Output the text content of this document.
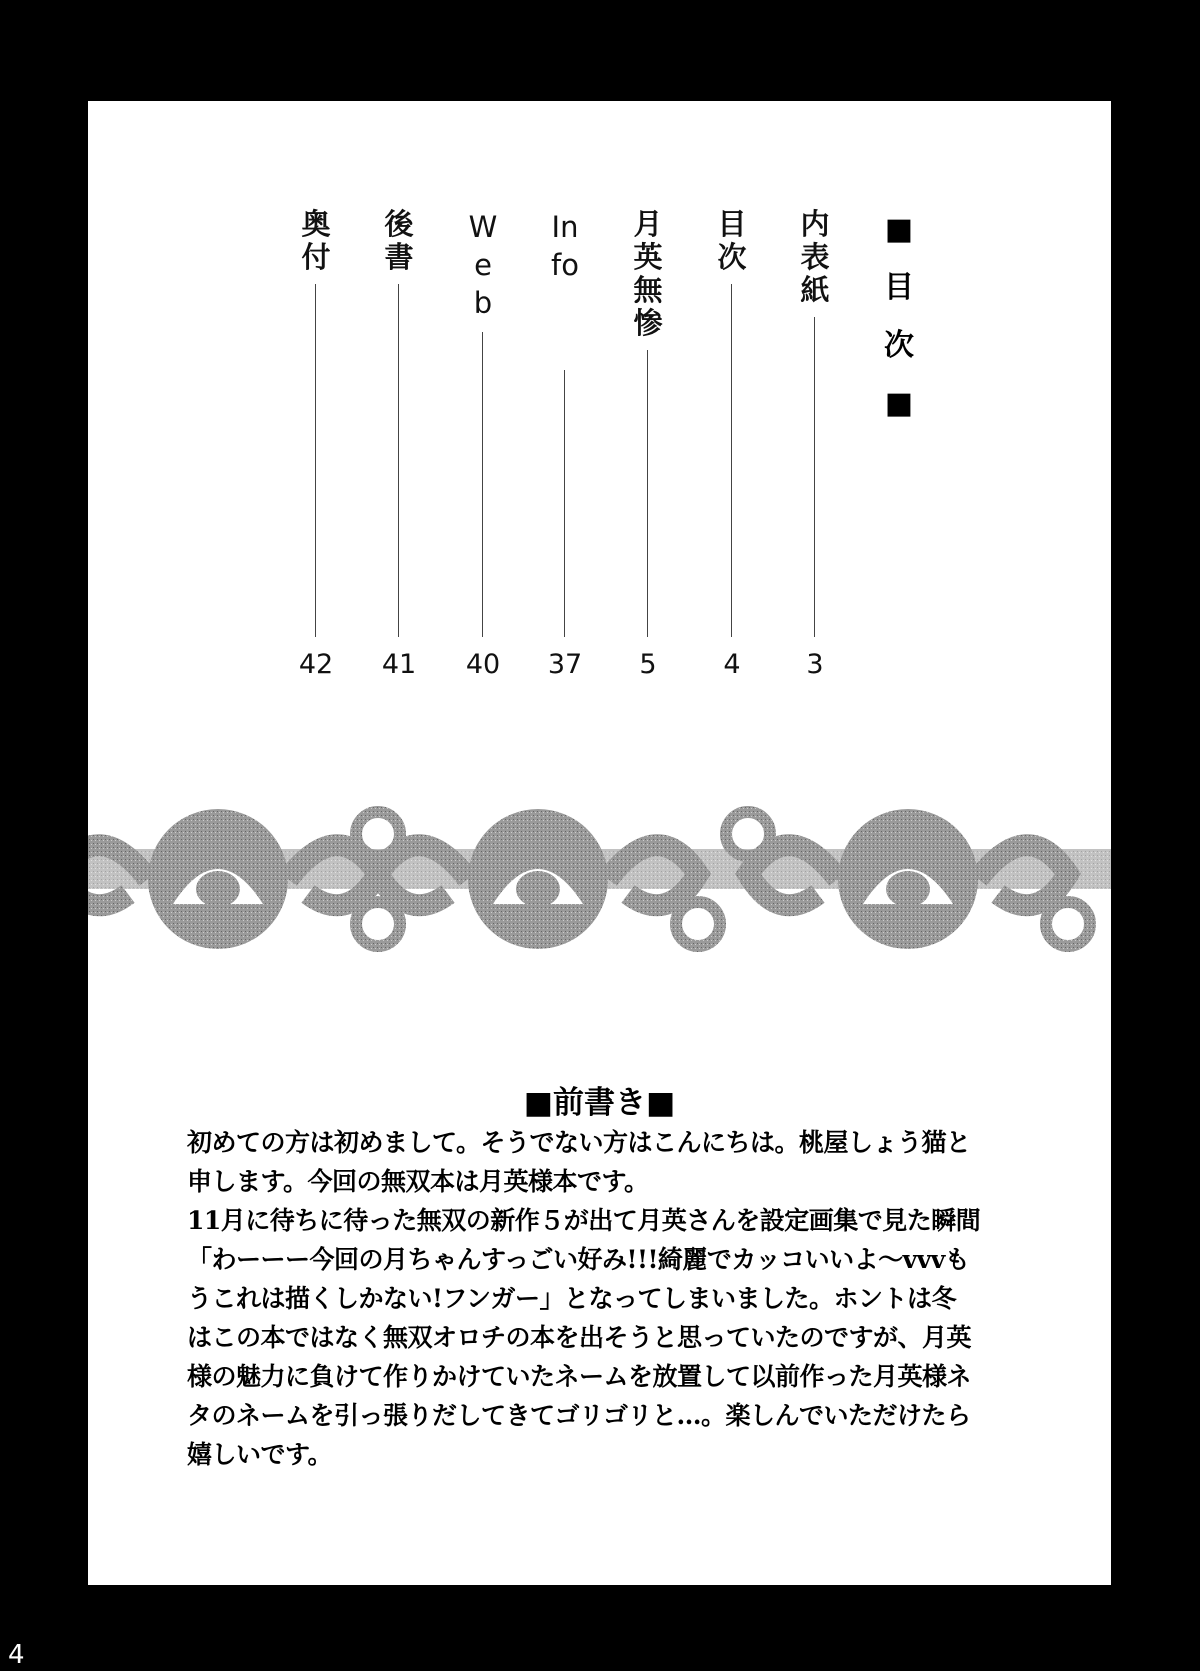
■目次■
内表紙
3
目次
4
月英無惨
5
Info
37
Web
40
後書
41
奥付
42
■前書き■
初めての方は初めまして。そうでない方はこんにちは。桃屋しょう猫と
申します。今回の無双本は月英様本です。
11月に待ちに待った無双の新作５が出て月英さんを設定画集で見た瞬間
「わーーー今回の月ちゃんすっごい好み!!!綺麗でカッコいいよ～vvvも
うこれは描くしかない!フンガー」となってしまいました。ホントは冬
はこの本ではなく無双オロチの本を出そうと思っていたのですが、月英
様の魅力に負けて作りかけていたネームを放置して以前作った月英様ネ
タのネームを引っ張りだしてきてゴリゴリと…。楽しんでいただけたら
嬉しいです。
4
